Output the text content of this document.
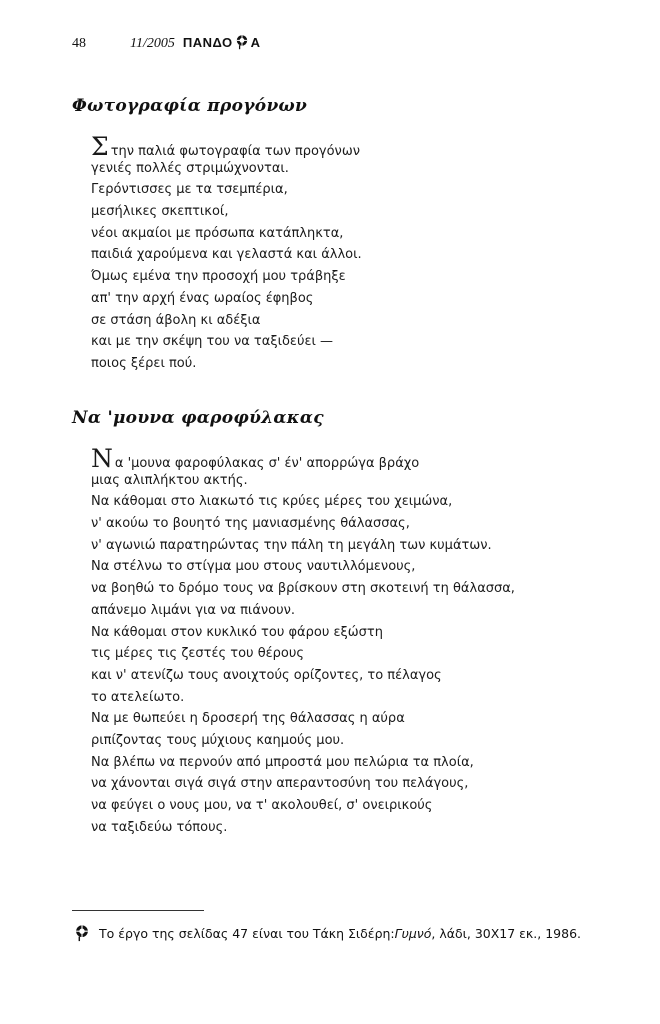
48	11/2005 ΠΑΝΔΟ Α
Φωτογραφία προγόνων
Στην παλιά φωτογραφία των προγόνων
γενιές πολλές στριμώχνονται.
Γερόντισσες με τα τσεμπέρια,
μεσήλικες σκεπτικοί,
νέοι ακμαίοι με πρόσωπα κατάπληκτα,
παιδιά χαρούμενα και γελαστά και άλλοι.
Όμως εμένα την προσοχή μου τράβηξε
απ' την αρχή ένας ωραίος έφηβος
σε στάση άβολη κι αδέξια
και με την σκέψη του να ταξιδεύει —
ποιος ξέρει πού.
Να 'μουνα φαροφύλακας
Να 'μουνα φαροφύλακας σ' έν' απορρώγα βράχο
μιας αλιπλήκτου ακτής.
Να κάθομαι στο λιακωτό τις κρύες μέρες του χειμώνα,
ν' ακούω το βουητό της μανιασμένης θάλασσας,
ν' αγωνιώ παρατηρώντας την πάλη τη μεγάλη των κυμάτων.
Να στέλνω το στίγμα μου στους ναυτιλλόμενους,
να βοηθώ το δρόμο τους να βρίσκουν στη σκοτεινή τη θάλασσα,
απάνεμο λιμάνι για να πιάνουν.
Να κάθομαι στον κυκλικό του φάρου εξώστη
τις μέρες τις ζεστές του θέρους
και ν' ατενίζω τους ανοιχτούς ορίζοντες, το πέλαγος
το ατελείωτο.
Να με θωπεύει η δροσερή της θάλασσας η αύρα
ριπίζοντας τους μύχιους καημούς μου.
Να βλέπω να περνούν από μπροστά μου πελώρια τα πλοία,
να χάνονται σιγά σιγά στην απεραντοσύνη του πελάγους,
να φεύγει ο νους μου, να τ' ακολουθεί, σ' ονειρικούς
να ταξιδεύω τόπους.
Το έργο της σελίδας 47 είναι του Τάκη Σιδέρη: Γυμνό , λάδι, 30X17 εκ., 1986.
